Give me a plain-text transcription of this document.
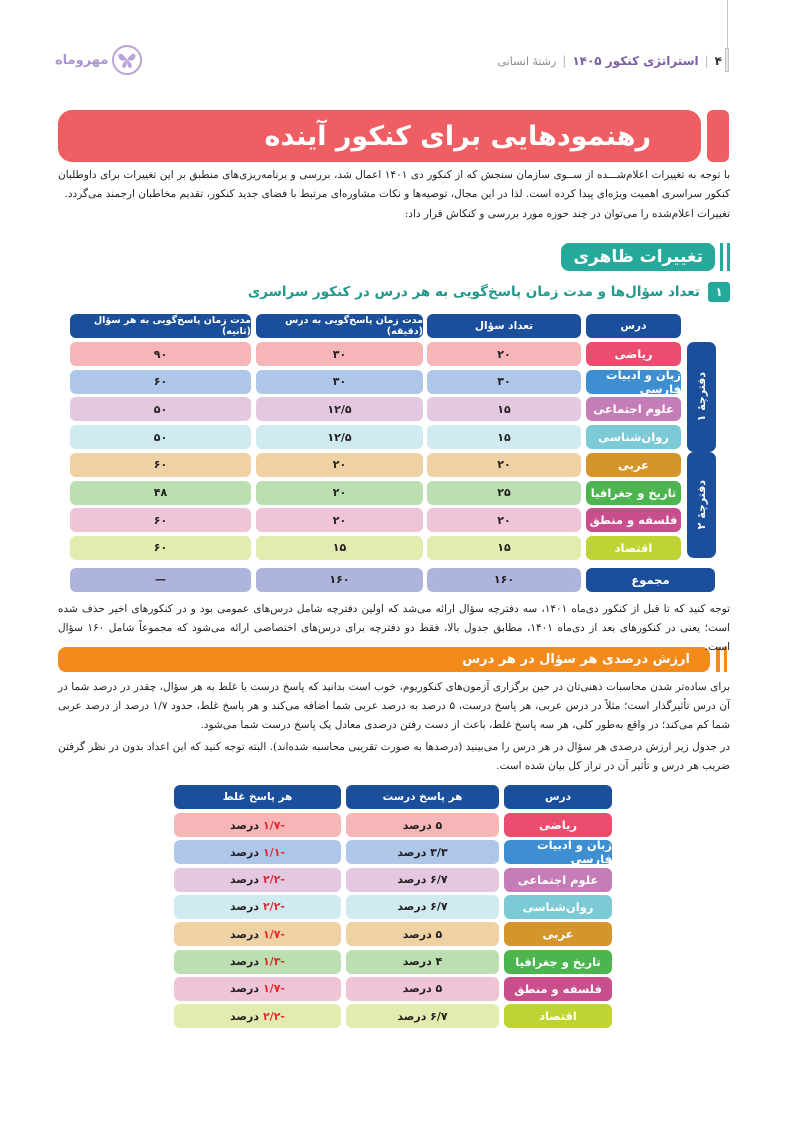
۴
|
استراتژی کنکور ۱۴۰۵
|
رشتهٔ انسانی
مهروماه
رهنمودهایی برای کنکور آینده

با توجه به تغییرات اعلام‌شـــده از ســوی سازمان سنجش که از کنکور دی ۱۴۰۱ اعمال شد، بررسی و برنامه‌ریزی‌های منطبق بر این تغییرات برای داوطلبان کنکور سراسری اهمیت ویژه‌ای پیدا کرده است. لذا در این مجال، توصیه‌ها و نکات مشاوره‌ای مرتبط با فضای جدید کنکور، تقدیم مخاطبان ارجمند می‌گردد.

تغییرات اعلام‌شده را می‌توان در چند حوزه مورد بررسی و کنکاش قرار داد:

تغییرات ظاهری
۱
تعداد سؤال‌ها و مدت زمان پاسخ‌گویی به هر درس در کنکور سراسری
درس
تعداد سؤال
مدت زمان پاسخ‌گویی به درس (دقیقه)
مدت زمان پاسخ‌گویی به هر سؤال (ثانیه)
دفترچهٔ ۱
دفترچهٔ ۲
ریاضی
۲۰
۳۰
۹۰
زبان و ادبیات فارسی
۳۰
۳۰
۶۰
علوم اجتماعی
۱۵
۱۲/۵
۵۰
روان‌شناسی
۱۵
۱۲/۵
۵۰
عربی
۲۰
۲۰
۶۰
تاریخ و جغرافیا
۲۵
۲۰
۴۸
فلسفه و منطق
۲۰
۲۰
۶۰
اقتصاد
۱۵
۱۵
۶۰
مجموع
۱۶۰
۱۶۰
—
ارزش درصدی هر سؤال در هر درس

توجه کنید که تا قبل از کنکور دی‌ماه ۱۴۰۱، سه دفترچه سؤال ارائه می‌شد که اولین دفترچه شامل درس‌های عمومی بود و در کنکورهای اخیر حذف شده است؛ یعنی در کنکورهای بعد از دی‌ماه ۱۴۰۱، مطابق جدول بالا، فقط دو دفترچه برای درس‌های اختصاصی ارائه می‌شود که مجموعاً شامل ۱۶۰ سؤال است.

برای ساده‌تر شدن محاسبات ذهنی‌تان در حین برگزاری آزمون‌های کنکوریوم، خوب است بدانید که پاسخ درست یا غلط به هر سؤال، چقدر در درصد شما در آن درس تأثیرگذار است؛ مثلاً در درس عربی، هر پاسخ درست، ۵ درصد به درصد عربی شما اضافه می‌کند و هر پاسخ غلط، حدود ۱/۷ درصد از درصد عربی شما کم می‌کند؛ در واقع به‌طور کلی، هر سه پاسخ غلط، باعث از دست رفتن درصدی معادل یک پاسخ درست شما می‌شود.

در جدول زیر ارزش درصدی هر سؤال در هر درس را می‌بینید (درصدها به صورت تقریبی محاسبه شده‌اند). البته توجه کنید که این اعداد بدون در نظر گرفتن ضریب هر درس و تأثیر آن در تراز کل بیان شده است.

درس
هر پاسخ درست
هر پاسخ غلط
ریاضی
۵ درصد
-۱/۷
درصد
زبان و ادبیات فارسی
۳/۳ درصد
-۱/۱
درصد
علوم اجتماعی
۶/۷ درصد
-۲/۲
درصد
روان‌شناسی
۶/۷ درصد
-۲/۲
درصد
عربی
۵ درصد
-۱/۷
درصد
تاریخ و جغرافیا
۴ درصد
-۱/۳
درصد
فلسفه و منطق
۵ درصد
-۱/۷
درصد
اقتصاد
۶/۷ درصد
-۲/۲
درصد
